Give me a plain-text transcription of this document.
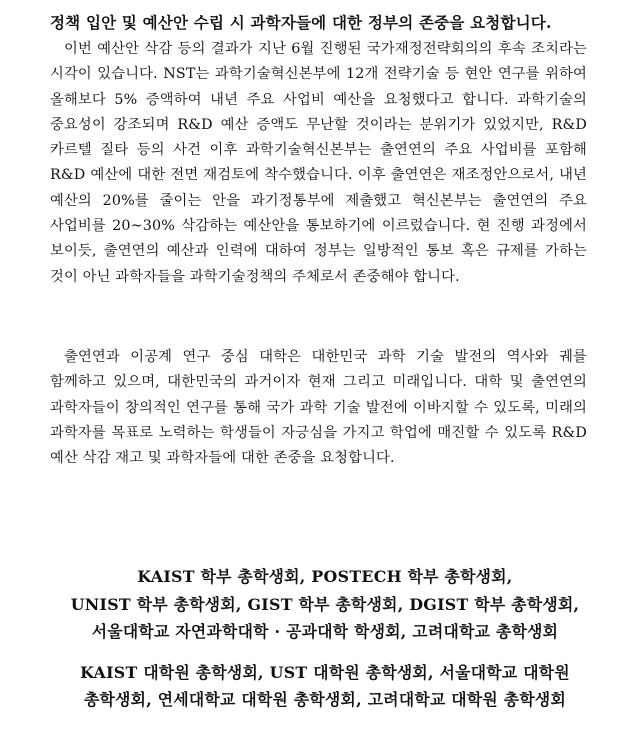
정책 입안 및 예산안 수립 시 과학자들에 대한 정부의 존중을 요청합니다.

이번 예산안 삭감 등의 결과가 지난 6월 진행된 국가재정전략회의의 후속 조치라는 시각이 있습니다. NST는 과학기술혁신본부에 12개 전략기술 등 현안 연구를 위하여 올해보다 5% 증액하여 내년 주요 사업비 예산을 요청했다고 합니다. 과학기술의 중요성이 강조되며 R&D 예산 증액도 무난할 것이라는 분위기가 있었지만, R&D 카르텔 질타 등의 사건 이후 과학기술혁신본부는 출연연의 주요 사업비를 포함해 R&D 예산에 대한 전면 재검토에 착수했습니다. 이후 출연연은 재조정안으로서, 내년 예산의 20%를 줄이는 안을 과기정통부에 제출했고 혁신본부는 출연연의 주요 사업비를 20~30% 삭감하는 예산안을 통보하기에 이르렀습니다. 현 진행 과정에서 보이듯, 출연연의 예산과 인력에 대하여 정부는 일방적인 통보 혹은 규제를 가하는 것이 아닌 과학자들을 과학기술정책의 주체로서 존중해야 합니다.

출연연과 이공계 연구 중심 대학은 대한민국 과학 기술 발전의 역사와 궤를 함께하고 있으며, 대한민국의 과거이자 현재 그리고 미래입니다. 대학 및 출연연의 과학자들이 창의적인 연구를 통해 국가 과학 기술 발전에 이바지할 수 있도록, 미래의 과학자를 목표로 노력하는 학생들이 자긍심을 가지고 학업에 매진할 수 있도록 R&D 예산 삭감 재고 및 과학자들에 대한 존중을 요청합니다.

KAIST 학부 총학생회, POSTECH 학부 총학생회,
UNIST 학부 총학생회, GIST 학부 총학생회, DGIST 학부 총학생회,
서울대학교 자연과학대학 · 공과대학 학생회, 고려대학교 총학생회
KAIST 대학원 총학생회, UST 대학원 총학생회, 서울대학교 대학원
총학생회, 연세대학교 대학원 총학생회, 고려대학교 대학원 총학생회
